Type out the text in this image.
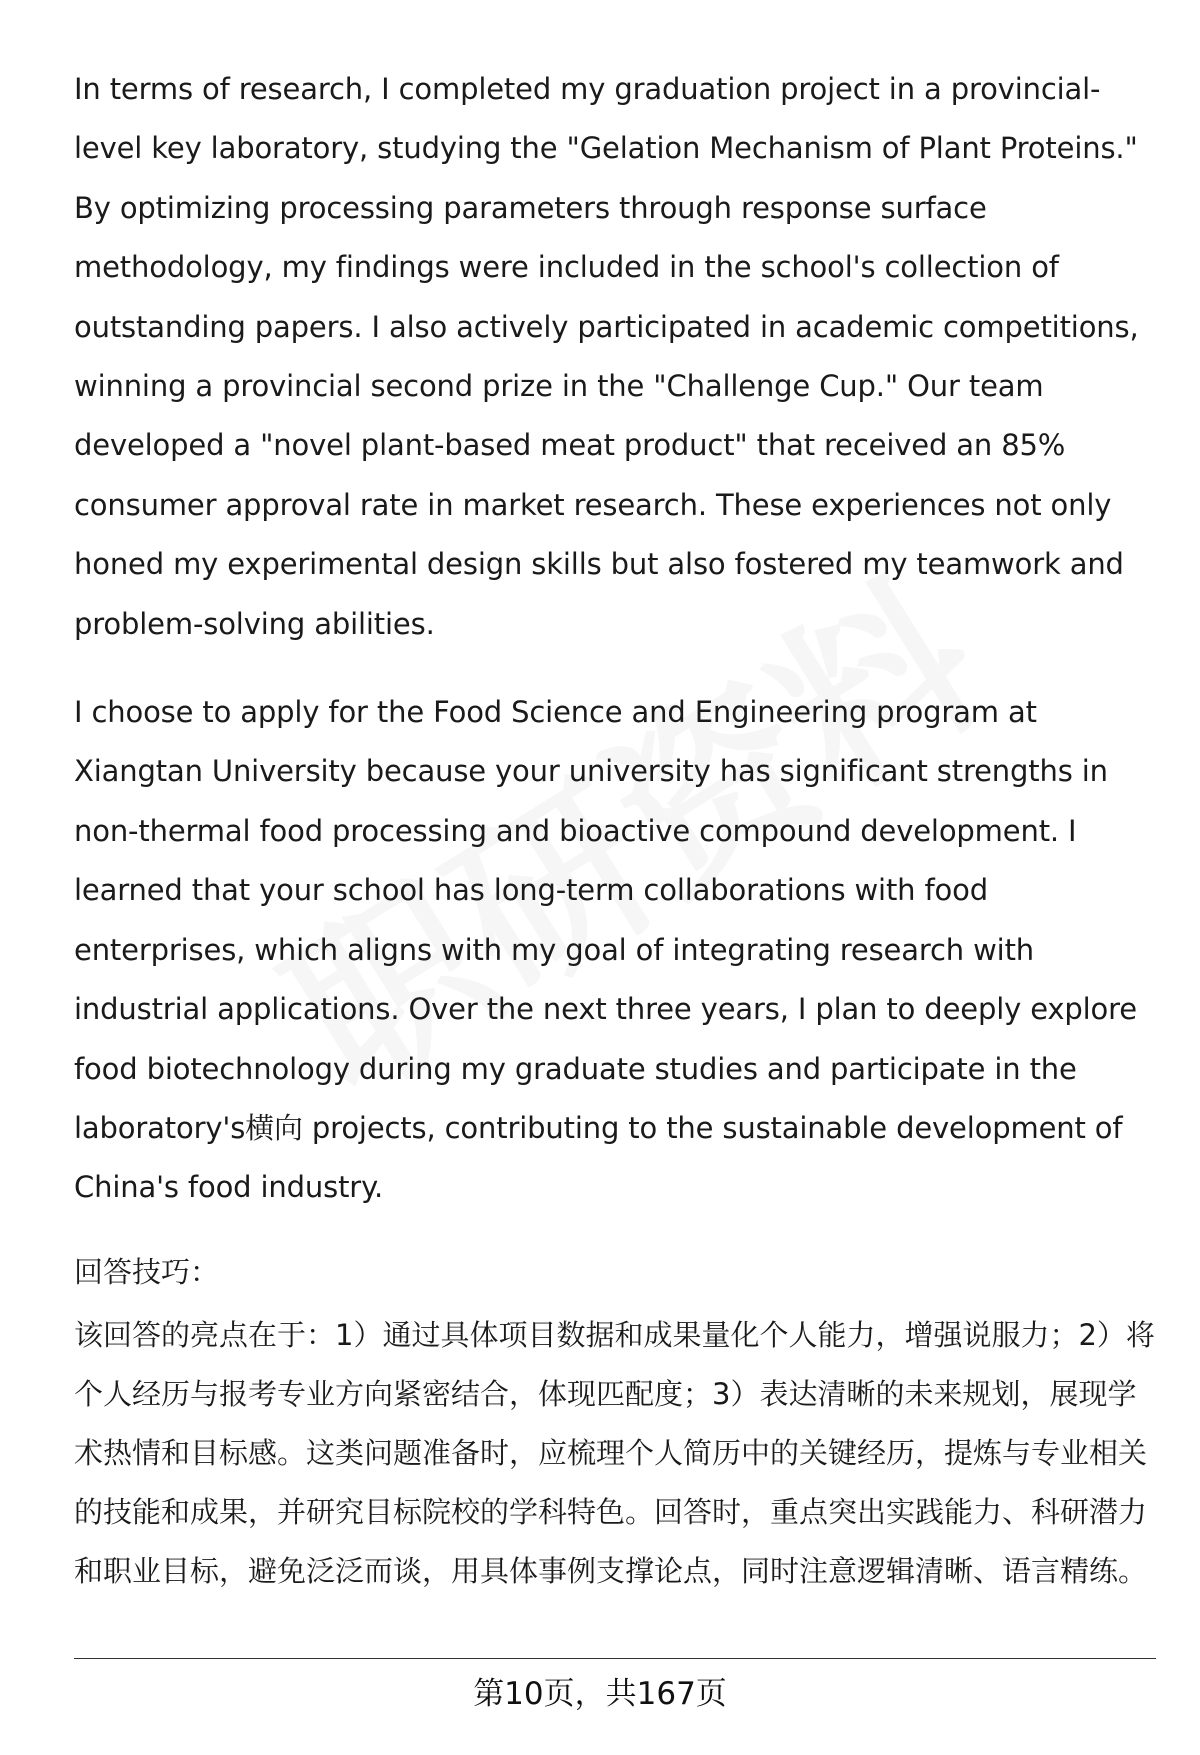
In terms of research, I completed my graduation project in a provincial-level key laboratory, studying the "Gelation Mechanism of Plant Proteins." By optimizing processing parameters through response surface methodology, my findings were included in the school's collection of outstanding papers. I also actively participated in academic competitions, winning a provincial second prize in the "Challenge Cup." Our team developed a "novel plant-based meat product" that received an 85% consumer approval rate in market research. These experiences not only honed my experimental design skills but also fostered my teamwork and problem-solving abilities.

I choose to apply for the Food Science and Engineering program at Xiangtan University because your university has significant strengths in non-thermal food processing and bioactive compound development. I learned that your school has long-term collaborations with food enterprises, which aligns with my goal of integrating research with industrial applications. Over the next three years, I plan to deeply explore food biotechnology during my graduate studies and participate in the laboratory's横向 projects, contributing to the sustainable development of China's food industry.

回答技巧：
该回答的亮点在于：1）通过具体项目数据和成果量化个人能力，增强说服力；2）将个人经历与报考专业方向紧密结合，体现匹配度；3）表达清晰的未来规划，展现学术热情和目标感。这类问题准备时，应梳理个人简历中的关键经历，提炼与专业相关的技能和成果，并研究目标院校的学科特色。回答时，重点突出实践能力、科研潜力和职业目标，避免泛泛而谈，用具体事例支撑论点，同时注意逻辑清晰、语言精练。
第10页，共167页
